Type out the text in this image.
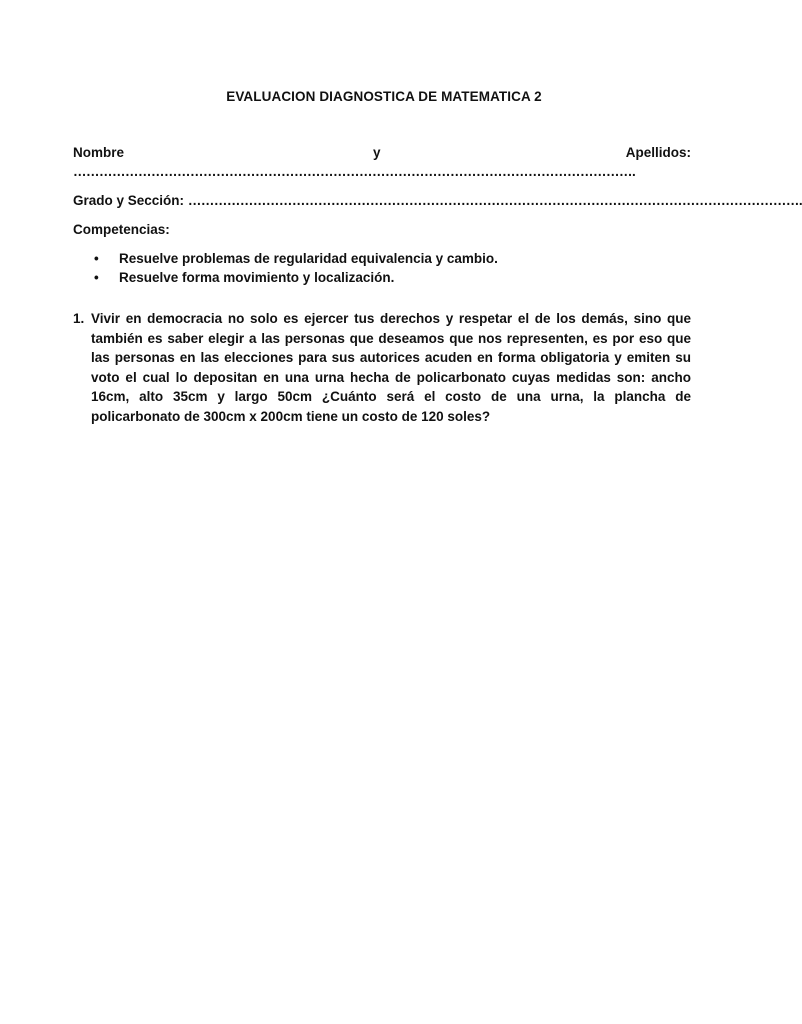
EVALUACION DIAGNOSTICA DE MATEMATICA 2
Nombre	y	Apellidos:
………………………………………………………………………………………………………………….
Grado y Sección: …………………………………………………………………………………………………………………………….
Competencias:
• Resuelve problemas de regularidad equivalencia y cambio.
• Resuelve forma movimiento y localización.
1. Vivir en democracia no solo es ejercer tus derechos y respetar el de los demás, sino que también es saber elegir a las personas que deseamos que nos representen, es por eso que las personas en las elecciones para sus autorices acuden en forma obligatoria y emiten su voto el cual lo depositan en una urna hecha de policarbonato cuyas medidas son: ancho 16cm, alto 35cm y largo 50cm ¿Cuánto será el costo de una urna, la plancha de policarbonato de 300cm x 200cm tiene un costo de 120 soles?
